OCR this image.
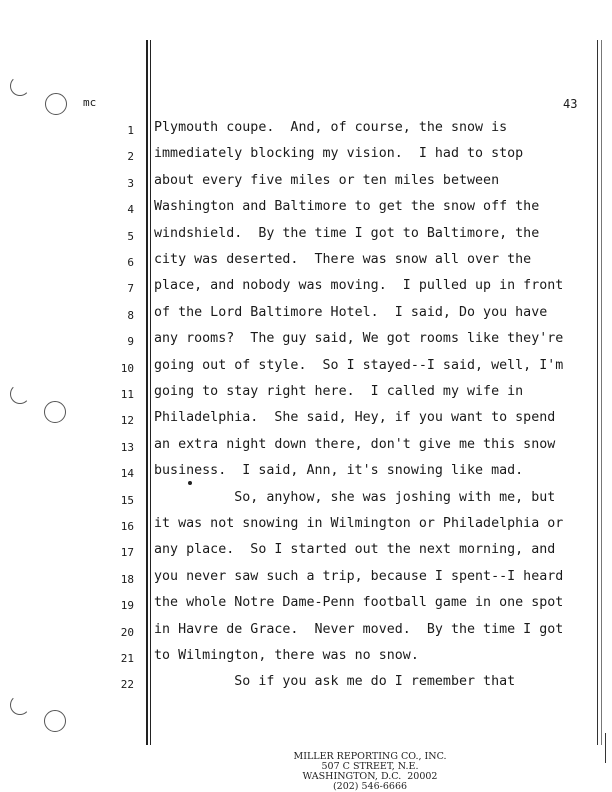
mc	43
1 Plymouth coupe.  And, of course, the snow is
2 immediately blocking my vision.  I had to stop
3 about every five miles or ten miles between
4 Washington and Baltimore to get the snow off the
5 windshield.  By the time I got to Baltimore, the
6 city was deserted.  There was snow all over the
7 place, and nobody was moving.  I pulled up in front
8 of the Lord Baltimore Hotel.  I said, Do you have
9 any rooms?  The guy said, We got rooms like they're
10 going out of style.  So I stayed--I said, well, I'm
11 going to stay right here.  I called my wife in
12 Philadelphia.  She said, Hey, if you want to spend
13 an extra night down there, don't give me this snow
14 business.  I said, Ann, it's snowing like mad.
15 So, anyhow, she was joshing with me, but
16 it was not snowing in Wilmington or Philadelphia or
17 any place.  So I started out the next morning, and
18 you never saw such a trip, because I spent--I heard
19 the whole Notre Dame-Penn football game in one spot
20 in Havre de Grace.  Never moved.  By the time I got
21 to Wilmington, there was no snow.
22 So if you ask me do I remember that
MILLER REPORTING CO., INC.
507 C STREET, N.E.
WASHINGTON, D.C.  20002
(202) 546-6666
